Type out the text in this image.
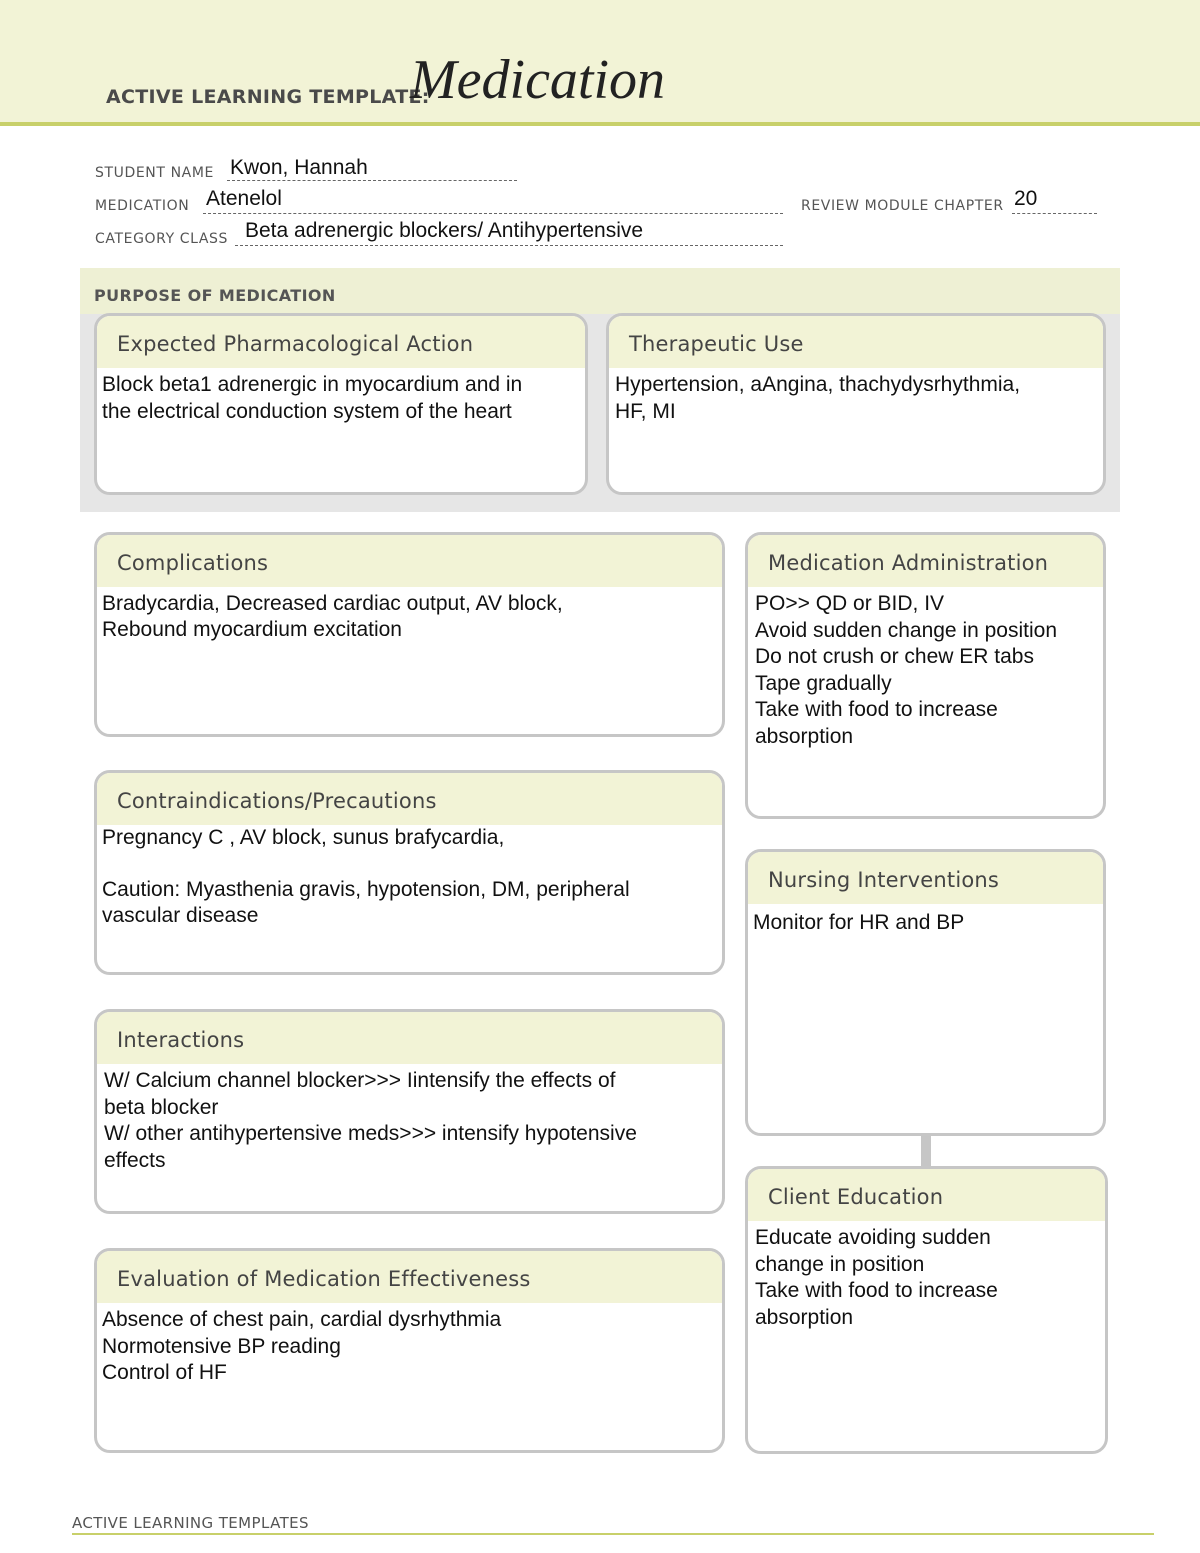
ACTIVE LEARNING TEMPLATE:
Medication
STUDENT NAME Kwon, Hannah
MEDICATION Atenelol	REVIEW MODULE CHAPTER 20
CATEGORY CLASS Beta adrenergic blockers/ Antihypertensive
PURPOSE OF MEDICATION
Expected Pharmacological Action
Block beta1 adrenergic in myocardium and in
the electrical conduction system of the heart
Therapeutic Use
Hypertension, aAngina, thachydysrhythmia,
HF, MI
Complications
Bradycardia, Decreased cardiac output, AV block,
Rebound myocardium excitation
Contraindications/Precautions
Pregnancy C , AV block, sunus brafycardia,

Caution: Myasthenia gravis, hypotension, DM, peripheral
vascular disease
Interactions
W/ Calcium channel blocker>>> Iintensify the effects of
beta blocker
W/ other antihypertensive meds>>> intensify hypotensive
effects
Evaluation of Medication Effectiveness
Absence of chest pain, cardial dysrhythmia
Normotensive BP reading
Control of HF
Medication Administration
PO>> QD or BID, IV
Avoid sudden change in position
Do not crush or chew ER tabs
Tape gradually
Take with food to increase
absorption
Nursing Interventions
Monitor for HR and BP
Client Education
Educate avoiding sudden
change in position
Take with food to increase
absorption
ACTIVE LEARNING TEMPLATES
